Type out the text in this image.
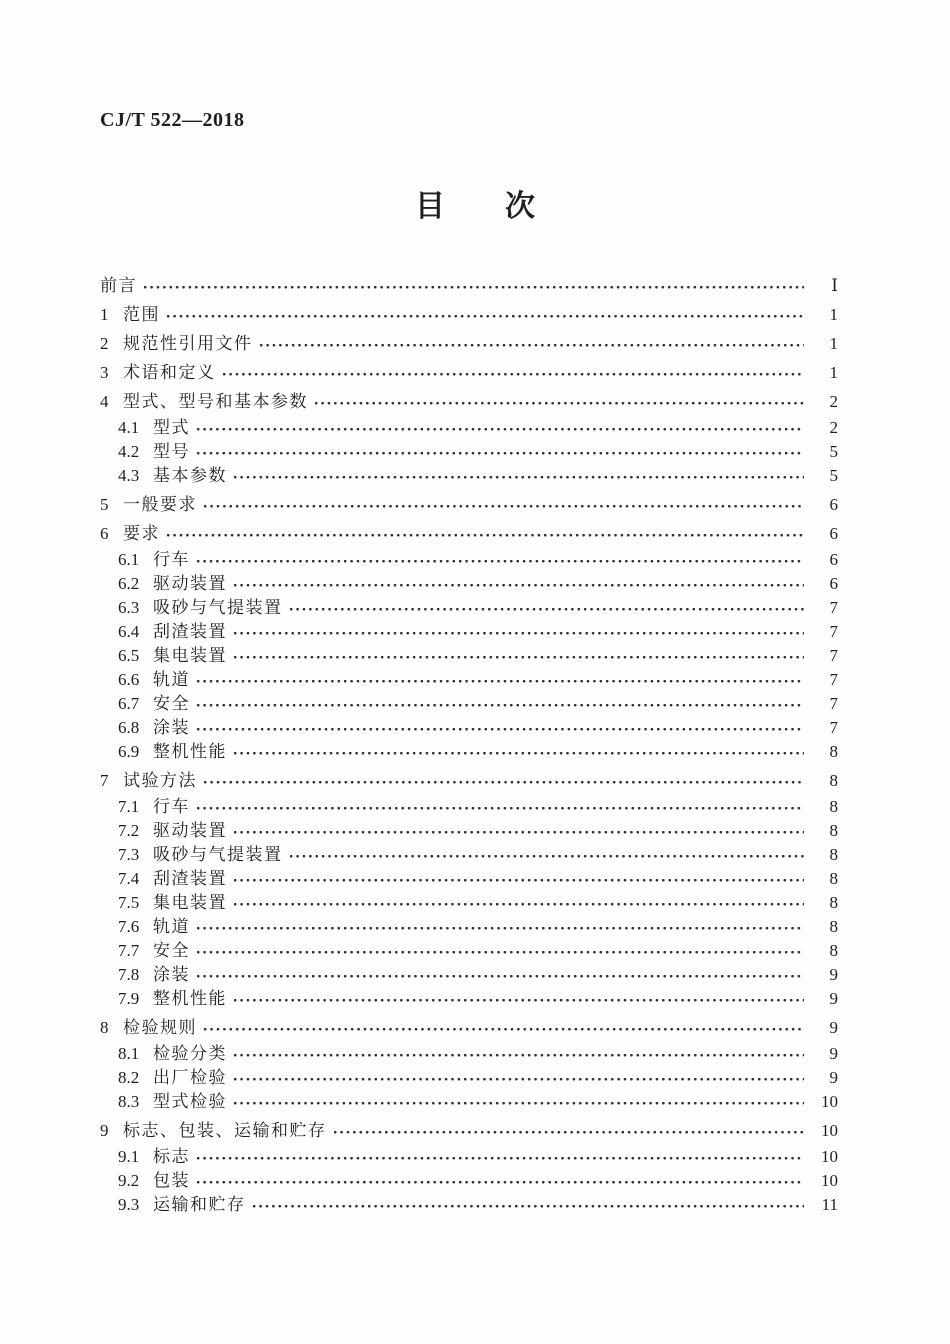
CJ/T 522—2018
目　　次
前言	Ⅰ
1 范围	1
2 规范性引用文件	1
3 术语和定义	1
4 型式、型号和基本参数	2
4.1 型式	2
4.2 型号	5
4.3 基本参数	5
5 一般要求	6
6 要求	6
6.1 行车	6
6.2 驱动装置	6
6.3 吸砂与气提装置	7
6.4 刮渣装置	7
6.5 集电装置	7
6.6 轨道	7
6.7 安全	7
6.8 涂装	7
6.9 整机性能	8
7 试验方法	8
7.1 行车	8
7.2 驱动装置	8
7.3 吸砂与气提装置	8
7.4 刮渣装置	8
7.5 集电装置	8
7.6 轨道	8
7.7 安全	8
7.8 涂装	9
7.9 整机性能	9
8 检验规则	9
8.1 检验分类	9
8.2 出厂检验	9
8.3 型式检验	10
9 标志、包装、运输和贮存	10
9.1 标志	10
9.2 包装	10
9.3 运输和贮存	11
